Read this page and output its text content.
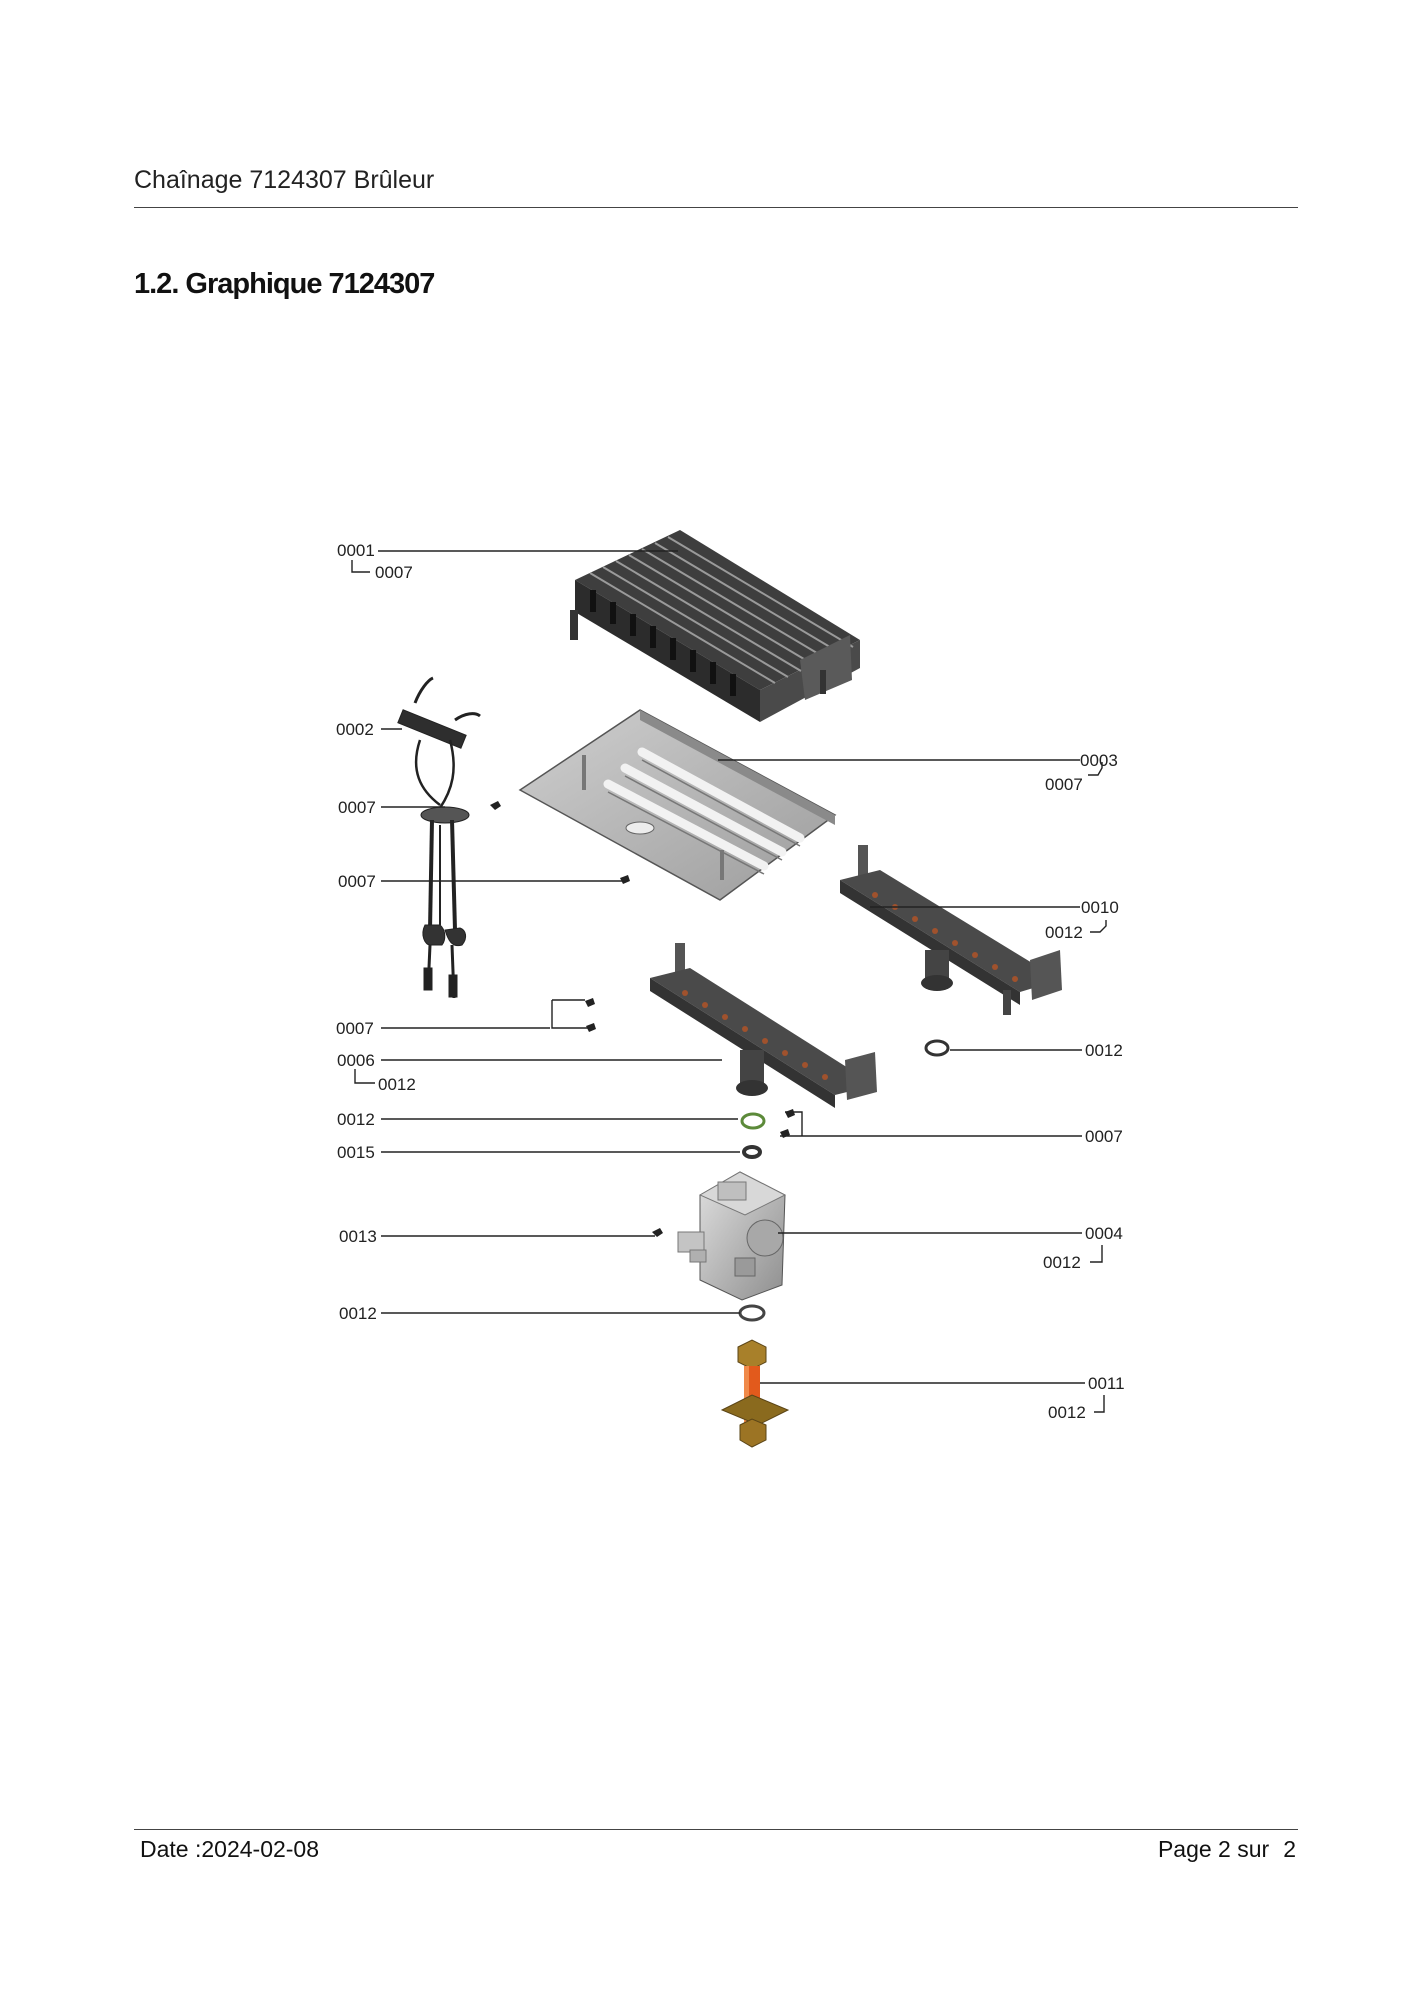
Chaînage 7124307 Brûleur
1.2. Graphique 7124307
0001
0007
0002
0007
0007
0007
0006
0012
0012
0015
0013
0012
0003
0007
0010
0012
0012
0007
0004
0012
0011
0012
Date :2024-02-08	Page 2 sur 2
